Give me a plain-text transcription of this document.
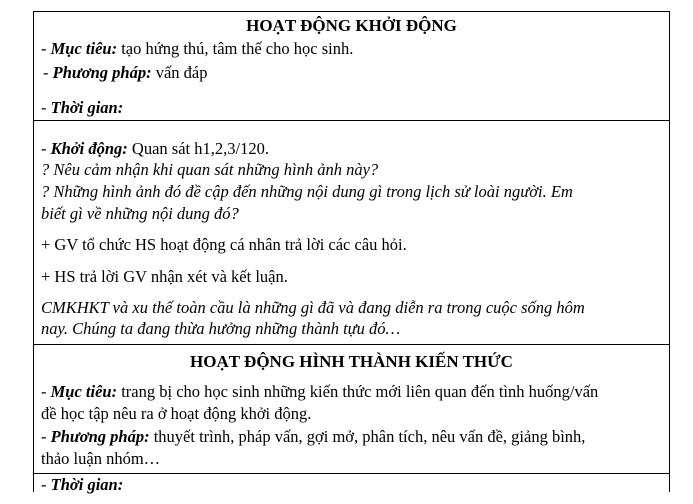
HOẠT ĐỘNG KHỞI ĐỘNG
- Mục tiêu: tạo hứng thú, tâm thế cho học sinh.
- Phương pháp: vấn đáp
- Thời gian:
- Khởi động: Quan sát h1,2,3/120.
? Nêu cảm nhận khi quan sát những hình ảnh này?
? Những hình ảnh đó đề cập đến những nội dung gì trong lịch sử loài người. Em
biết gì về những nội dung đó?
+ GV tổ chức HS hoạt động cá nhân trả lời các câu hỏi.
+ HS trả lời GV nhận xét và kết luận.
CMKHKT và xu thế toàn cầu là những gì đã và đang diễn ra trong cuộc sống hôm
nay. Chúng ta đang thừa hưởng những thành tựu đó…
HOẠT ĐỘNG HÌNH THÀNH KIẾN THỨC
- Mục tiêu: trang bị cho học sinh những kiến thức mới liên quan đến tình huống/vấn
đề học tập nêu ra ở hoạt động khởi động.
- Phương pháp: thuyết trình, pháp vấn, gợi mở, phân tích, nêu vấn đề, giảng bình,
thảo luận nhóm…
- Thời gian:
